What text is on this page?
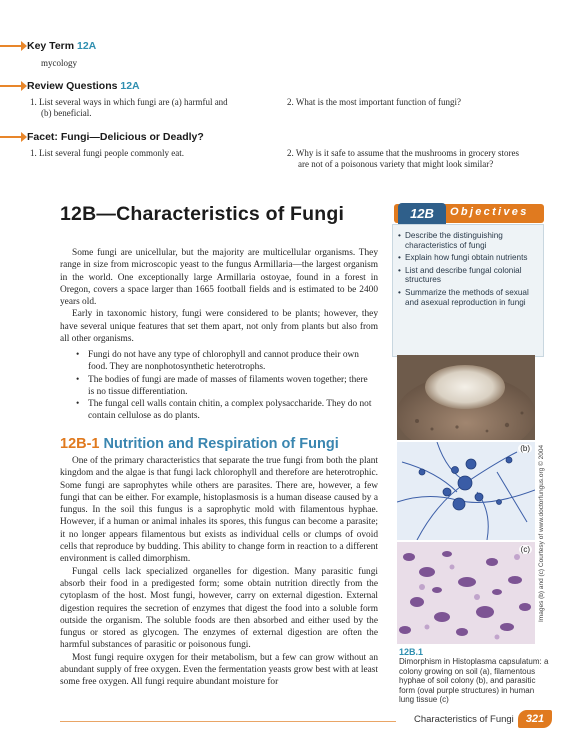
Key Term 12A
mycology
Review Questions 12A
1. List several ways in which fungi are (a) harmful and
(b) beneficial.
2. What is the most important function of fungi?
Facet: Fungi—Delicious or Deadly?
1. List several fungi people commonly eat.	2. Why is it safe to assume that the mushrooms in grocery stores
are not of a poisonous variety that might look similar?
12B—Characteristics of Fungi	12B	Objectives
• Describe the distinguishing characteristics of fungi
• Explain how fungi obtain nutrients
• List and describe fungal colonial structures
• Summarize the methods of sexual and asexual reproduction in fungi

Some fungi are unicellular, but the majority are multicellular organisms. They range in size from microscopic yeast to the fungus Armillaria—the largest organism in the world. One exceptionally large Armillaria ostoyae, found in a forest in Oregon, covers a space larger than 1665 football fields and is estimated to be 2400 years old.

Early in taxonomic history, fungi were considered to be plants; however, they have several unique features that set them apart, not only from plants but also from all other organisms.

• Fungi do not have any type of chlorophyll and cannot produce their own food. They are nonphotosynthetic heterotrophs.
• The bodies of fungi are made of masses of filaments woven together; there is no tissue differentiation.
• The fungal cell walls contain chitin, a complex polysaccharide. They do not contain cellulose as do plants.
12B-1 Nutrition and Respiration of Fungi

One of the primary characteristics that separate the true fungi from both the plant kingdom and the algae is that fungi lack chlorophyll and therefore are heterotrophic. Some fungi are saprophytes while others are parasites. There are, however, a few fungi that can be either. For example, histoplasmosis is a human disease caused by a fungus. In the soil this fungus is a saprophytic mold with filamentous hyphae. However, if a human or animal inhales its spores, this fungus can become a parasite; it no longer appears filamentous but exists as individual cells or clumps of ovoid cells that reproduce by budding. This ability to change form in reaction to a different environment is called dimorphism.

Fungal cells lack specialized organelles for digestion. Many parasitic fungi absorb their food in a predigested form; some obtain nutrition directly from the cytoplasm of the host. Most fungi, however, carry on external digestion. External digestion requires the secretion of enzymes that digest the food into a soluble form outside the organism. The soluble foods are then absorbed and either used by the fungus or stored as glycogen. The enzymes of external digestion are often the harmful substances of parasitic or poisonous fungi.

Most fungi require oxygen for their metabolism, but a few can grow without an abundant supply of free oxygen. Even the fermentation yeasts grow best with at least some free oxygen. All fungi require abundant moisture for

(b)
(c)	Images (b) and (c) Courtesy of www.doctorfungus.org © 2004
12B.1
Dimorphism in Histoplasma capsulatum: a colony growing on soil (a), filamentous hyphae of soil colony (b), and parasitic form (oval purple structures) in human lung tissue (c)
Characteristics of Fungi	321
